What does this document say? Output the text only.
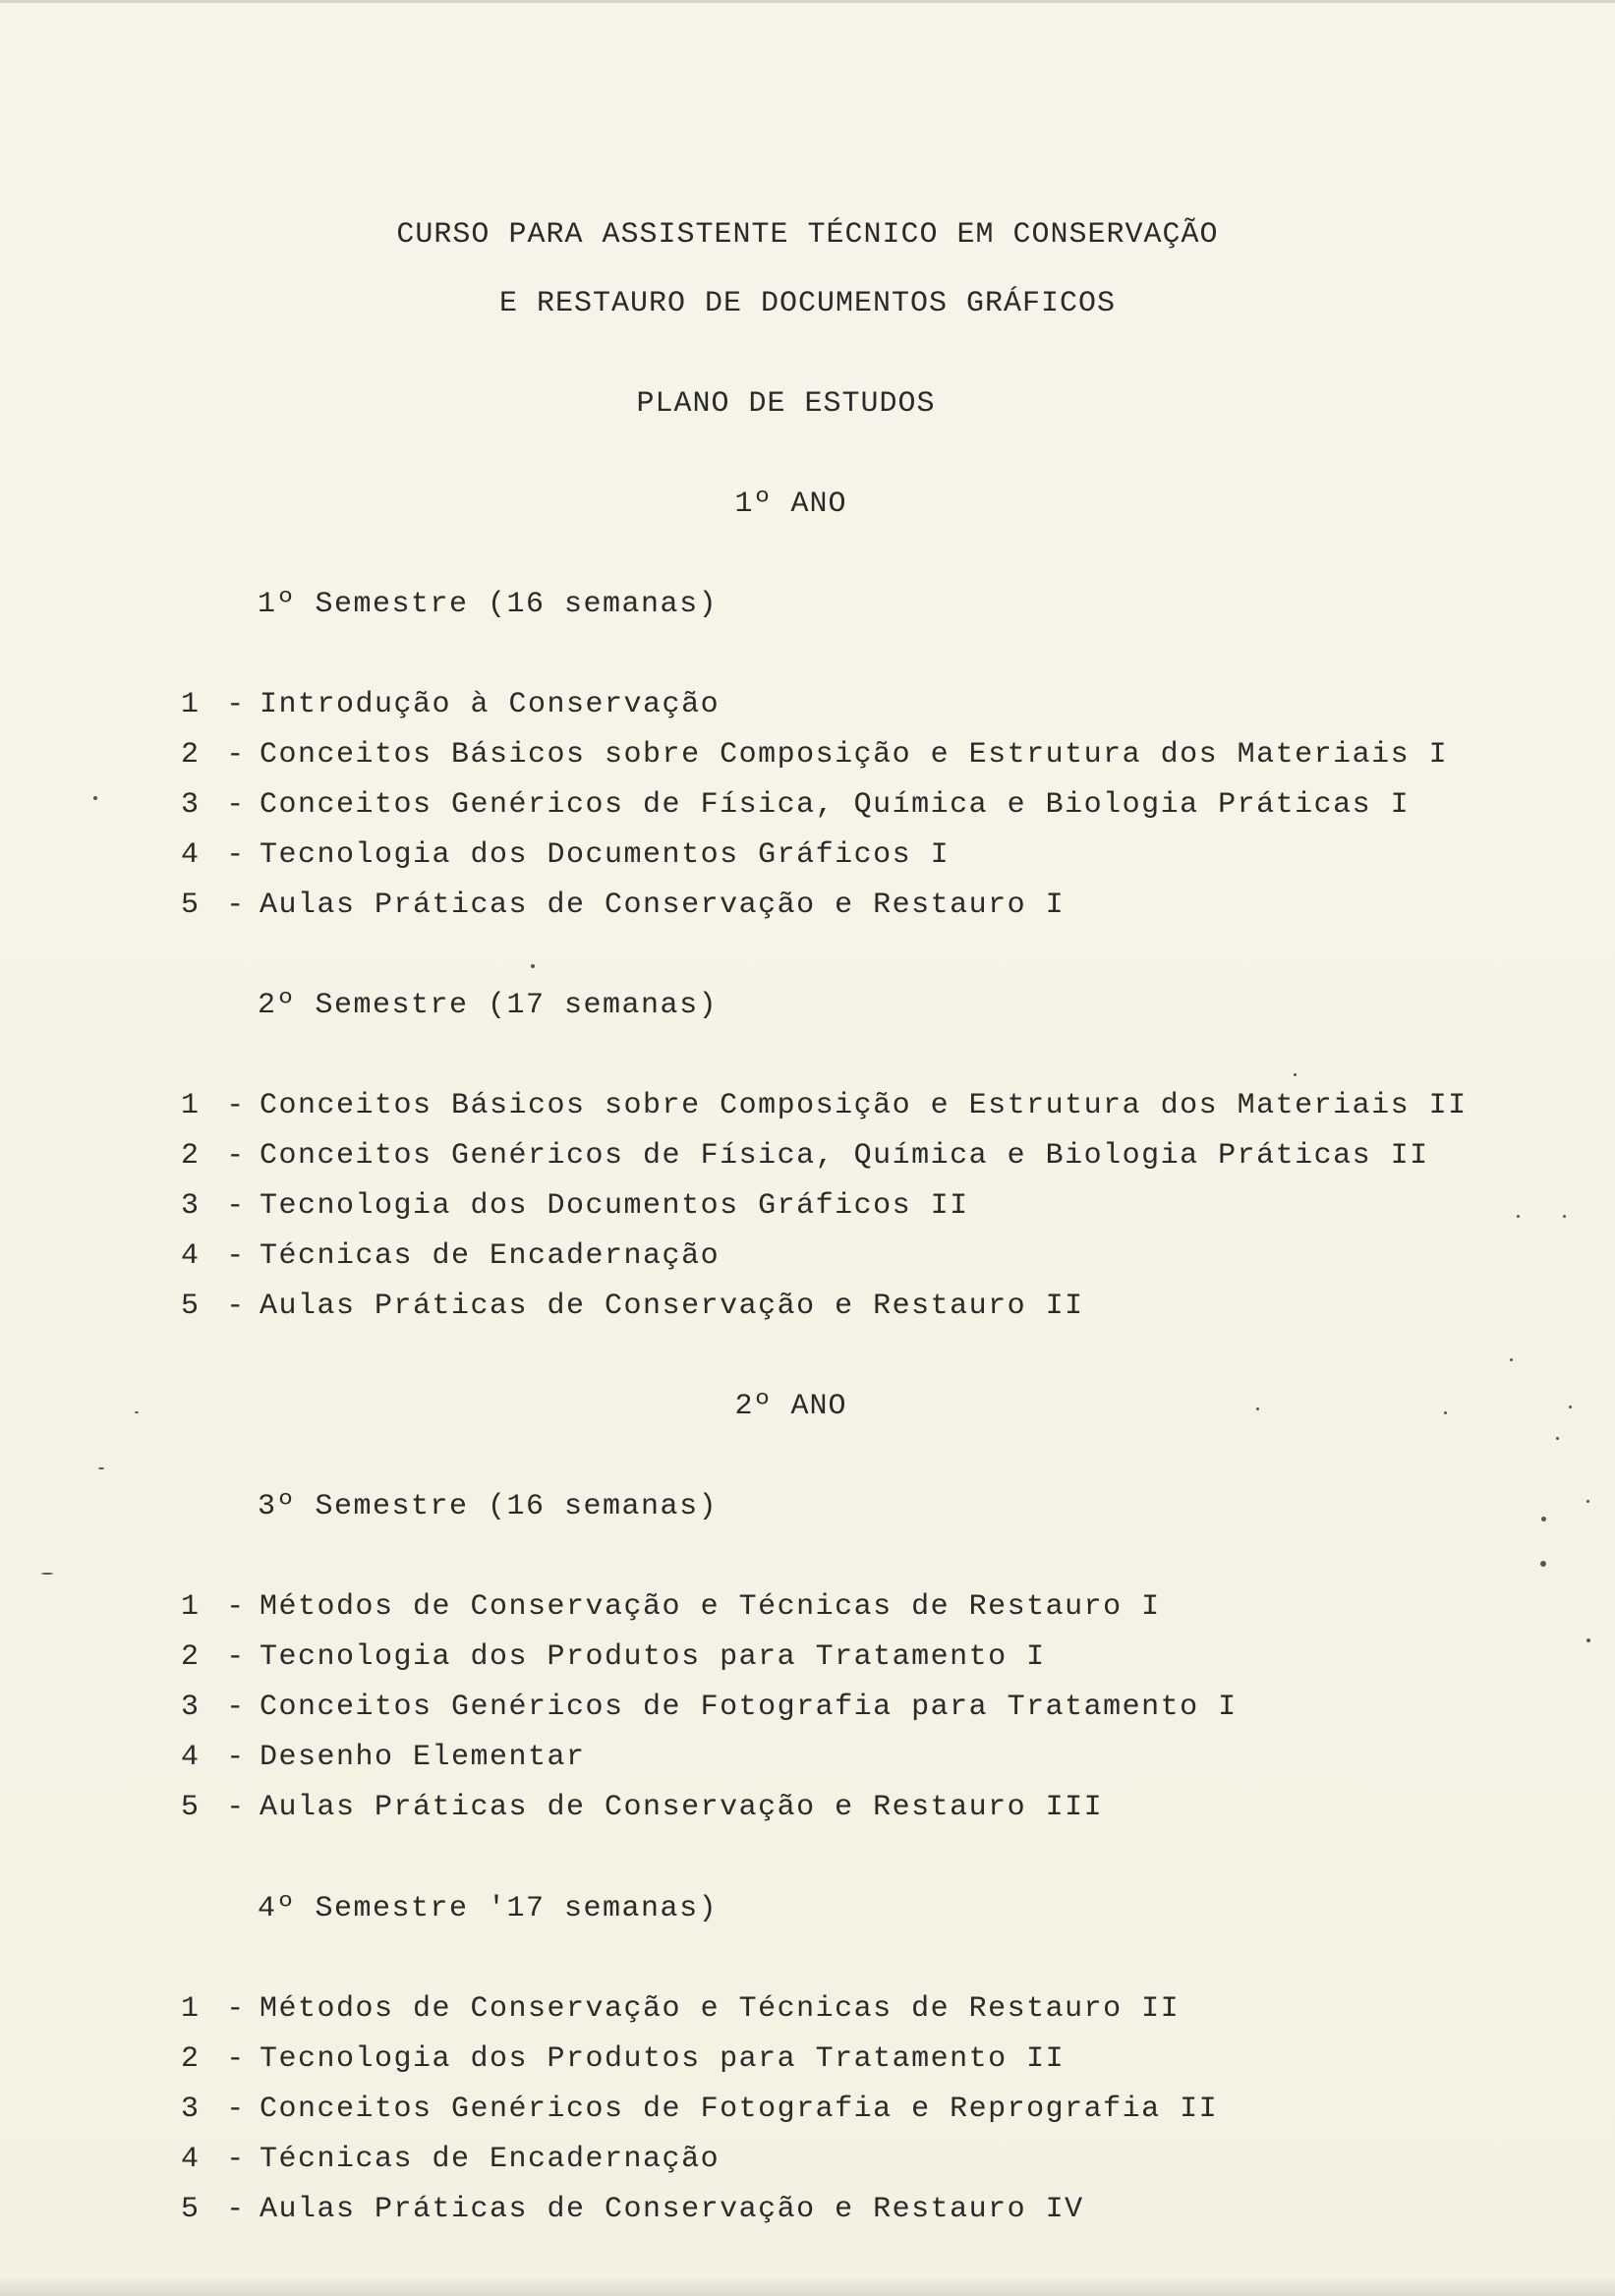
CURSO PARA ASSISTENTE TÉCNICO EM CONSERVAÇÃO
E RESTAURO DE DOCUMENTOS GRÁFICOS
PLANO DE ESTUDOS
1º ANO
1º Semestre (16 semanas)
1 - Introdução à Conservação
2 - Conceitos Básicos sobre Composição e Estrutura dos Materiais I
3 - Conceitos Genéricos de Física, Química e Biologia Práticas I
4 - Tecnologia dos Documentos Gráficos I
5 - Aulas Práticas de Conservação e Restauro I
2º Semestre (17 semanas)
1 - Conceitos Básicos sobre Composição e Estrutura dos Materiais II
2 - Conceitos Genéricos de Física, Química e Biologia Práticas II
3 - Tecnologia dos Documentos Gráficos II
4 - Técnicas de Encadernação
5 - Aulas Práticas de Conservação e Restauro II
2º ANO
3º Semestre (16 semanas)
1 - Métodos de Conservação e Técnicas de Restauro I
2 - Tecnologia dos Produtos para Tratamento I
3 - Conceitos Genéricos de Fotografia para Tratamento I
4 - Desenho Elementar
5 - Aulas Práticas de Conservação e Restauro III
4º Semestre '17 semanas)
1 - Métodos de Conservação e Técnicas de Restauro II
2 - Tecnologia dos Produtos para Tratamento II
3 - Conceitos Genéricos de Fotografia e Reprografia II
4 - Técnicas de Encadernação
5 - Aulas Práticas de Conservação e Restauro IV
